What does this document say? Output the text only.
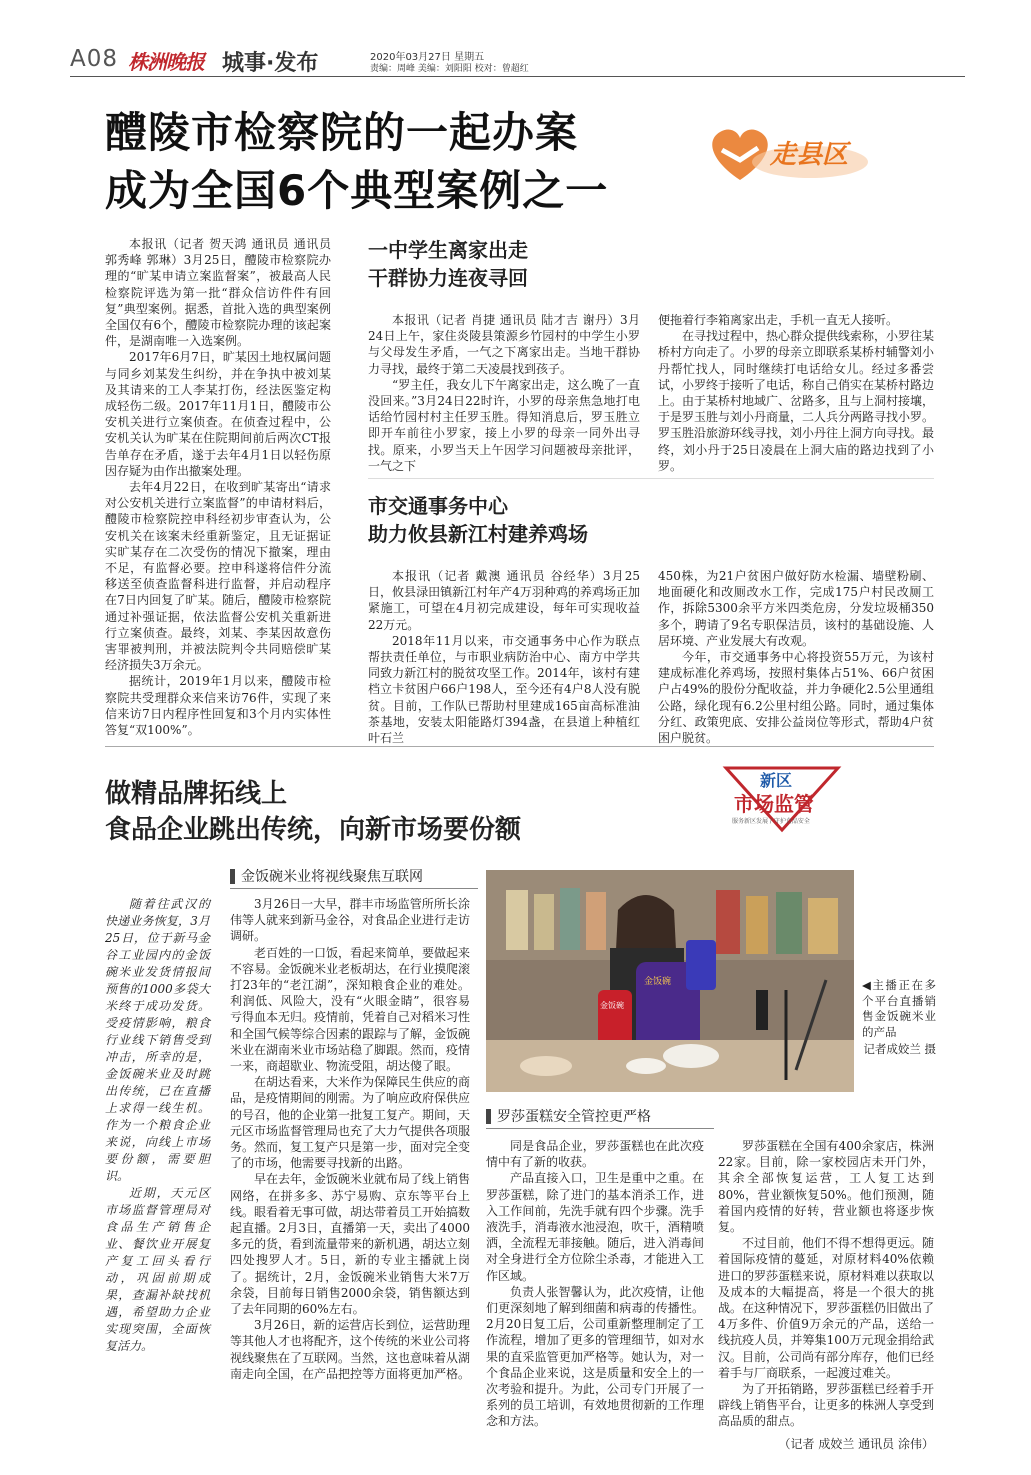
A08 株洲晚报 城事·发布	2020年03月27日 星期五
责编：周峰 美编：刘阳阳 校对：曾超红
醴陵市检察院的一起办案
成为全国6个典型案例之一
走县区

本报讯（记者 贺天鸿 通讯员 通讯员 郭秀峰 郭琳）3月25日，醴陵市检察院办理的“旷某申请立案监督案”，被最高人民检察院评选为第一批“群众信访件件有回复”典型案例。据悉，首批入选的典型案例全国仅有6个，醴陵市检察院办理的该起案件，是湖南唯一入选案例。

2017年6月7日，旷某因土地权属问题与同乡刘某发生纠纷，并在争执中被刘某及其请来的工人李某打伤，经法医鉴定构成轻伤二级。2017年11月1日，醴陵市公安机关进行立案侦查。在侦查过程中，公安机关认为旷某在住院期间前后两次CT报告单存在矛盾，遂于去年4月1日以轻伤原因存疑为由作出撤案处理。

去年4月22日，在收到旷某寄出“请求对公安机关进行立案监督”的申请材料后，醴陵市检察院控申科经初步审查认为，公安机关在该案未经重新鉴定，且无证据证实旷某存在二次受伤的情况下撤案，理由不足，有监督必要。控申科遂将信件分流移送至侦查监督科进行监督，并启动程序在7日内回复了旷某。随后，醴陵市检察院通过补强证据，依法监督公安机关重新进行立案侦查。最终，刘某、李某因故意伤害罪被判刑，并被法院判令共同赔偿旷某经济损失3万余元。

据统计，2019年1月以来，醴陵市检察院共受理群众来信来访76件，实现了来信来访7日内程序性回复和3个月内实体性答复“双100%”。

一中学生离家出走
干群协力连夜寻回

本报讯（记者 肖捷 通讯员 陆才吉 谢丹）3月24日上午，家住炎陵县策源乡竹园村的中学生小罗与父母发生矛盾，一气之下离家出走。当地干群协力寻找，最终于第二天凌晨找到孩子。

“罗主任，我女儿下午离家出走，这么晚了一直没回来。”3月24日22时许，小罗的母亲焦急地打电话给竹园村村主任罗玉胜。得知消息后，罗玉胜立即开车前往小罗家，接上小罗的母亲一同外出寻找。原来，小罗当天上午因学习问题被母亲批评，一气之下

便拖着行李箱离家出走，手机一直无人接听。

在寻找过程中，热心群众提供线索称，小罗往某桥村方向走了。小罗的母亲立即联系某桥村辅警刘小丹帮忙找人，同时继续打电话给女儿。经过多番尝试，小罗终于接听了电话，称自己俏实在某桥村路边上。由于某桥村地域广、岔路多，且与上洞村接壤，于是罗玉胜与刘小丹商量，二人兵分两路寻找小罗。罗玉胜沿旅游环线寻找，刘小丹往上洞方向寻找。最终，刘小丹于25日凌晨在上洞大庙的路边找到了小罗。

市交通事务中心
助力攸县新江村建养鸡场

本报讯（记者 戴澳 通讯员 谷经华）3月25日，攸县渌田镇新江村年产4万羽种鸡的养鸡场正加紧施工，可望在4月初完成建设，每年可实现收益22万元。

2018年11月以来，市交通事务中心作为联点帮扶责任单位，与市职业病防治中心、南方中学共同致力新江村的脱贫攻坚工作。2014年，该村有建档立卡贫困户66户198人，至今还有4户8人没有脱贫。目前，工作队已帮助村里建成165亩高标准油茶基地，安装太阳能路灯394盏，在县道上种植红叶石兰

450株，为21户贫困户做好防水检漏、墙壁粉刷、地面硬化和改厕改水工作，完成175户村民改厕工作，拆除5300余平方米四类危房，分发垃圾桶350多个，聘请了9名专职保洁员，该村的基础设施、人居环境、产业发展大有改观。

今年，市交通事务中心将投资55万元，为该村建成标准化养鸡场，按照村集体占51%、66户贫困户占49%的股份分配收益，并力争硬化2.5公里通组公路，绿化现有6.2公里村组公路。同时，通过集体分红、政策兜底、安排公益岗位等形式，帮助4户贫困户脱贫。

做精品牌拓线上
食品企业跳出传统，向新市场要份额
新区
市场监管
服务新区发展 / 守护食品安全

随着往武汉的快递业务恢复，3月25日，位于新马金谷工业园内的金饭碗米业发货情报间预售的1000多袋大米终于成功发货。受疫情影响，粮食行业线下销售受到冲击，所幸的是，金饭碗米业及时跳出传统，已在直播上求得一线生机。作为一个粮食企业来说，向线上市场要份额，需要胆识。

近期，天元区市场监督管理局对食品生产销售企业、餐饮业开展复产复工回头看行动，巩固前期成果，查漏补缺找机遇，希望助力企业实现突围，全面恢复活力。

金饭碗米业将视线聚焦互联网

3月26日一大早，群丰市场监管所所长涂伟等人就来到新马金谷，对食品企业进行走访调研。

老百姓的一口饭，看起来简单，要做起来不容易。金饭碗米业老板胡达，在行业摸爬滚打23年的“老江湖”，深知粮食企业的难处。利润低、风险大，没有“火眼金睛”，很容易亏得血本无归。疫情前，凭着自己对稻米习性和全国气候等综合因素的跟踪与了解，金饭碗米业在湖南米业市场站稳了脚跟。然而，疫情一来，商超歇业、物流受阻，胡达傻了眼。

在胡达看来，大米作为保障民生供应的商品，是疫情期间的刚需。为了响应政府保供应的号召，他的企业第一批复工复产。期间，天元区市场监督管理局也充了大力气提供各项服务。然而，复工复产只是第一步，面对完全变了的市场，他需要寻找新的出路。

早在去年，金饭碗米业就布局了线上销售网络，在拼多多、苏宁易购、京东等平台上线。眼看着无事可做，胡达带着员工开始搞数起直播。2月3日，直播第一天，卖出了4000多元的货，看到流量带来的新机遇，胡达立刻四处搜罗人才。5日，新的专业主播就上岗了。据统计，2月，金饭碗米业销售大米7万余袋，目前每日销售2000余袋，销售额达到了去年同期的60%左右。

3月26日，新的运营店长到位，运营助理等其他人才也将配齐，这个传统的米业公司将视线聚焦在了互联网。当然，这也意味着从湖南走向全国，在产品把控等方面将更加严格。

金饭碗
金饭碗
◀主播正在多个平台直播销售金饭碗米业的产品
记者成姣兰 摄
罗莎蛋糕安全管控更严格

同是食品企业，罗莎蛋糕也在此次疫情中有了新的收获。

产品直接入口，卫生是重中之重。在罗莎蛋糕，除了进门的基本消杀工作，进入工作间前，先洗手就有四个步骤。洗手液洗手，消毒液水池浸泡，吹干，酒精喷洒，全流程无菲接触。随后，进入消毒间对全身进行全方位除尘杀毒，才能进入工作区域。

负责人张智馨认为，此次疫情，让他们更深刻地了解到细菌和病毒的传播性。2月20日复工后，公司重新整理制定了工作流程，增加了更多的管理细节，如对水果的直采监管更加严格等。她认为，对一个食品企业来说，这是质量和安全上的一次考验和提升。为此，公司专门开展了一系列的员工培训，有效地贯彻新的工作理念和方法。

罗莎蛋糕在全国有400余家店，株洲22家。目前，除一家校园店未开门外，其余全部恢复运营，工人复工达到80%，营业额恢复50%。他们预测，随着国内疫情的好转，营业额也将逐步恢复。

不过目前，他们不得不想得更远。随着国际疫情的蔓延，对原材料40%依赖进口的罗莎蛋糕来说，原材料难以获取以及成本的大幅提高，将是一个很大的挑战。在这种情况下，罗莎蛋糕仍旧做出了4万多件、价值9万余元的产品，送给一线抗疫人员，并筹集100万元现金捐给武汉。目前，公司尚有部分库存，他们已经着手与厂商联系，一起渡过难关。

为了开拓销路，罗莎蛋糕已经着手开辟线上销售平台，让更多的株洲人享受到高品质的甜点。

（记者 成姣兰 通讯员 涂伟）
